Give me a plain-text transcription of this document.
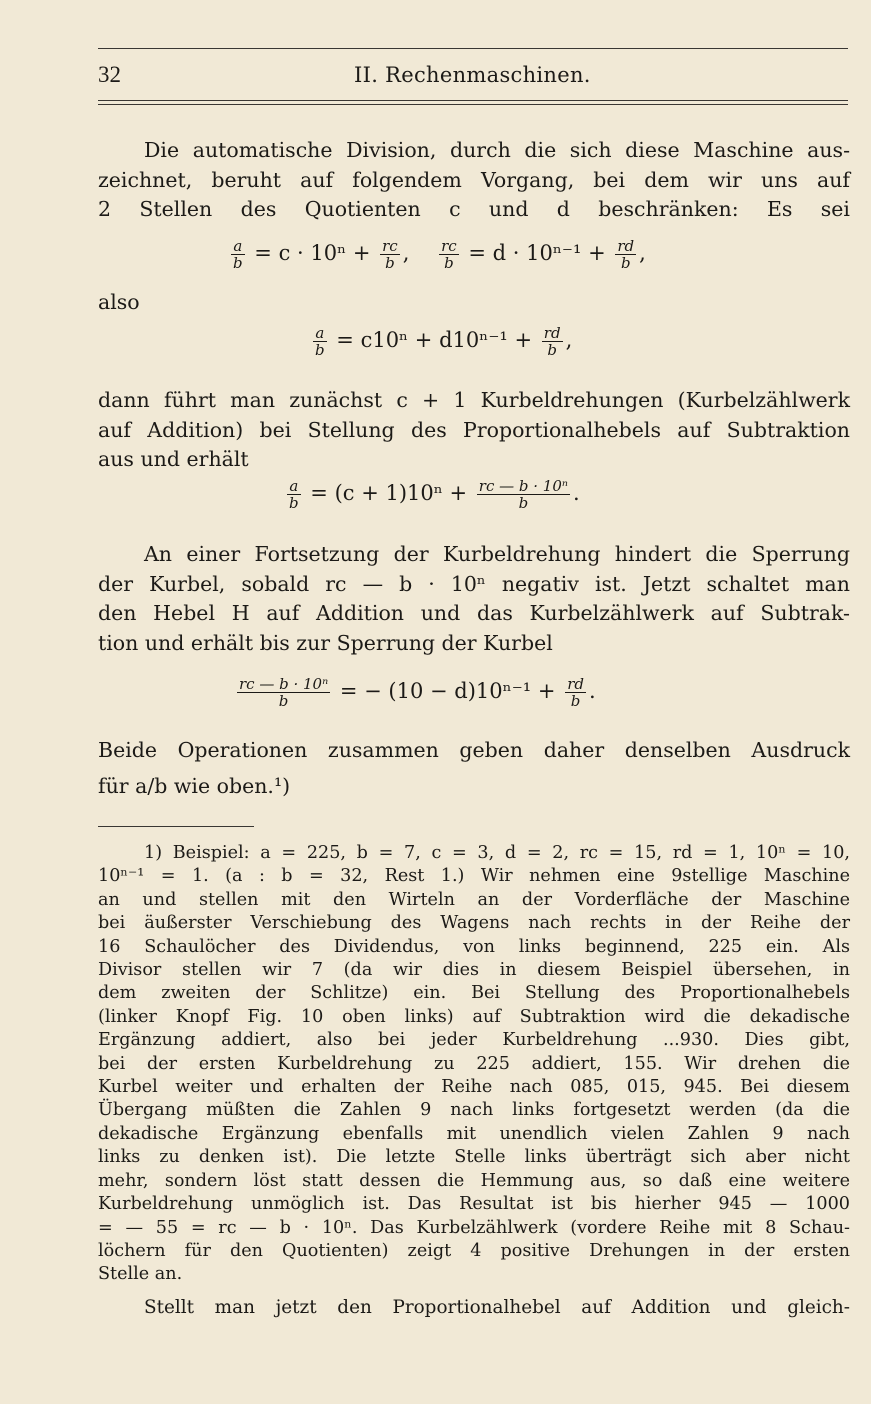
32	II. Rechenmaschinen.
Die automatische Division, durch die sich diese Maschine aus-
zeichnet, beruht auf folgendem Vorgang, bei dem wir uns auf
2 Stellen des Quotienten c und d beschränken: Es sei
$\frac{a}{b} = c \cdot 10^n + \frac{rc}{b}$ , $\frac{rc}{b} = d \cdot 10^{n-1} + \frac{rd}{b}$ ,
also
$\frac{a}{b} = c10^n + d10^{n-1} + \frac{rd}{b}$ ,
dann führt man zunächst c + 1 Kurbeldrehungen (Kurbelzählwerk
auf Addition) bei Stellung des Proportionalhebels auf Subtraktion
aus und erhält
$\frac{a}{b} = (c + 1)10^n + \frac{\text{rc — b · 10ⁿ}}{b}$ .
An einer Fortsetzung der Kurbeldrehung hindert die Sperrung
der Kurbel, sobald rc — b · 10ⁿ negativ ist. Jetzt schaltet man
den Hebel H auf Addition und das Kurbelzählwerk auf Subtrak-
tion und erhält bis zur Sperrung der Kurbel
$\frac{\text{rc — b · 10ⁿ}}{b}$ = − $(10 - d)10^{n-1} + \frac{rd}{b}$ .
Beide Operationen zusammen geben daher denselben Ausdruck
für a/b wie oben.¹)
1) Beispiel: a = 225, b = 7, c = 3, d = 2, rc = 15, rd = 1, 10ⁿ = 10,
10ⁿ⁻¹ = 1. (a : b = 32, Rest 1.) Wir nehmen eine 9stellige Maschine
an und stellen mit den Wirteln an der Vorderfläche der Maschine
bei äußerster Verschiebung des Wagens nach rechts in der Reihe der
16 Schaulöcher des Dividendus, von links beginnend, 225 ein. Als
Divisor stellen wir 7 (da wir dies in diesem Beispiel übersehen, in
dem zweiten der Schlitze) ein. Bei Stellung des Proportionalhebels
(linker Knopf Fig. 10 oben links) auf Subtraktion wird die dekadische
Ergänzung addiert, also bei jeder Kurbeldrehung ...930. Dies gibt,
bei der ersten Kurbeldrehung zu 225 addiert, 155. Wir drehen die
Kurbel weiter und erhalten der Reihe nach 085, 015, 945. Bei diesem
Übergang müßten die Zahlen 9 nach links fortgesetzt werden (da die
dekadische Ergänzung ebenfalls mit unendlich vielen Zahlen 9 nach
links zu denken ist). Die letzte Stelle links überträgt sich aber nicht
mehr, sondern löst statt dessen die Hemmung aus, so daß eine weitere
Kurbeldrehung unmöglich ist. Das Resultat ist bis hierher 945 — 1000
= — 55 = rc — b · 10ⁿ. Das Kurbelzählwerk (vordere Reihe mit 8 Schau-
löchern für den Quotienten) zeigt 4 positive Drehungen in der ersten
Stelle an.
Stellt man jetzt den Proportionalhebel auf Addition und gleich-
